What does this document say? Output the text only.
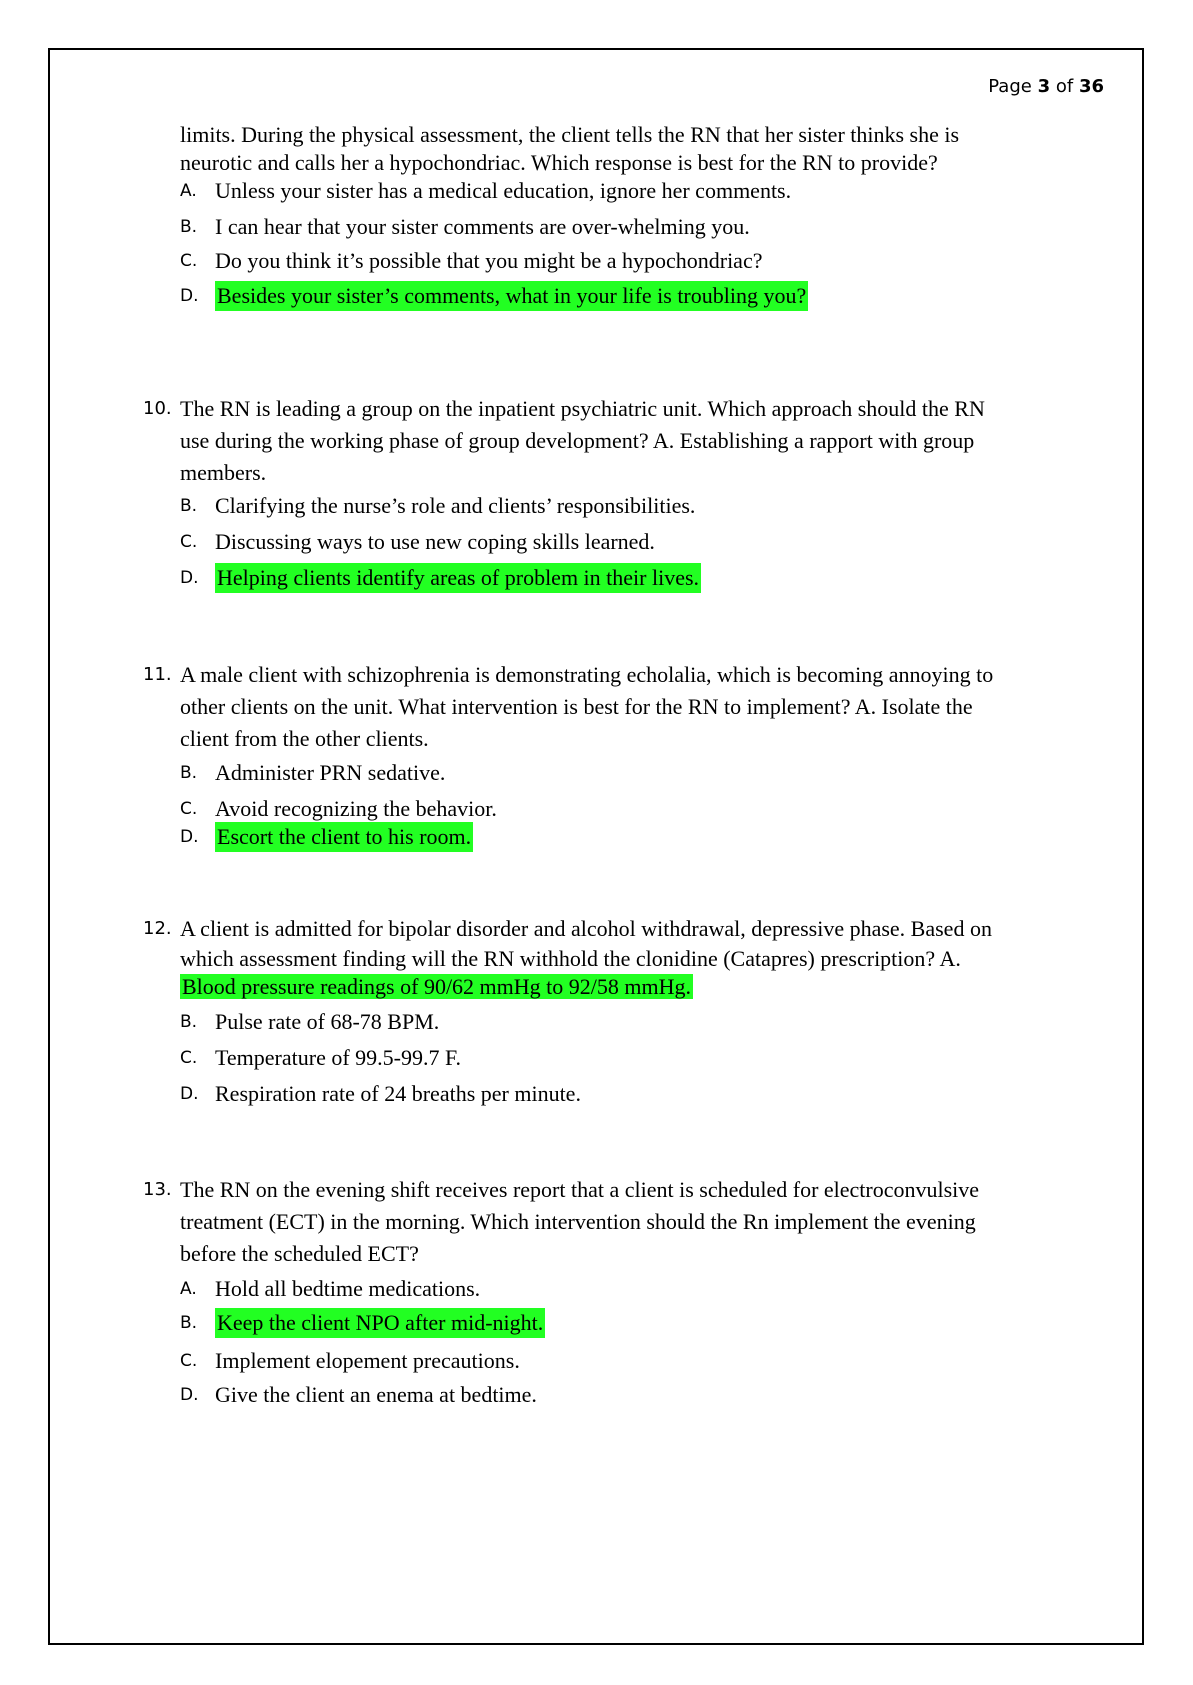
Page 3 of 36
limits. During the physical assessment, the client tells the RN that her sister thinks she is
neurotic and calls her a hypochondriac. Which response is best for the RN to provide?
A. Unless your sister has a medical education, ignore her comments.
B. I can hear that your sister comments are over-whelming you.
C. Do you think it’s possible that you might be a hypochondriac?
D. Besides your sister’s comments, what in your life is troubling you?
10. The RN is leading a group on the inpatient psychiatric unit. Which approach should the RN
use during the working phase of group development? A. Establishing a rapport with group
members.
B. Clarifying the nurse’s role and clients’ responsibilities.
C. Discussing ways to use new coping skills learned.
D. Helping clients identify areas of problem in their lives.
11. A male client with schizophrenia is demonstrating echolalia, which is becoming annoying to
other clients on the unit. What intervention is best for the RN to implement? A. Isolate the
client from the other clients.
B. Administer PRN sedative.
C. Avoid recognizing the behavior.
D. Escort the client to his room.
12. A client is admitted for bipolar disorder and alcohol withdrawal, depressive phase. Based on
which assessment finding will the RN withhold the clonidine (Catapres) prescription? A.
Blood pressure readings of 90/62 mmHg to 92/58 mmHg.
B. Pulse rate of 68-78 BPM.
C. Temperature of 99.5-99.7 F.
D. Respiration rate of 24 breaths per minute.
13. The RN on the evening shift receives report that a client is scheduled for electroconvulsive
treatment (ECT) in the morning. Which intervention should the Rn implement the evening
before the scheduled ECT?
A. Hold all bedtime medications.
B. Keep the client NPO after mid-night.
C. Implement elopement precautions.
D. Give the client an enema at bedtime.
